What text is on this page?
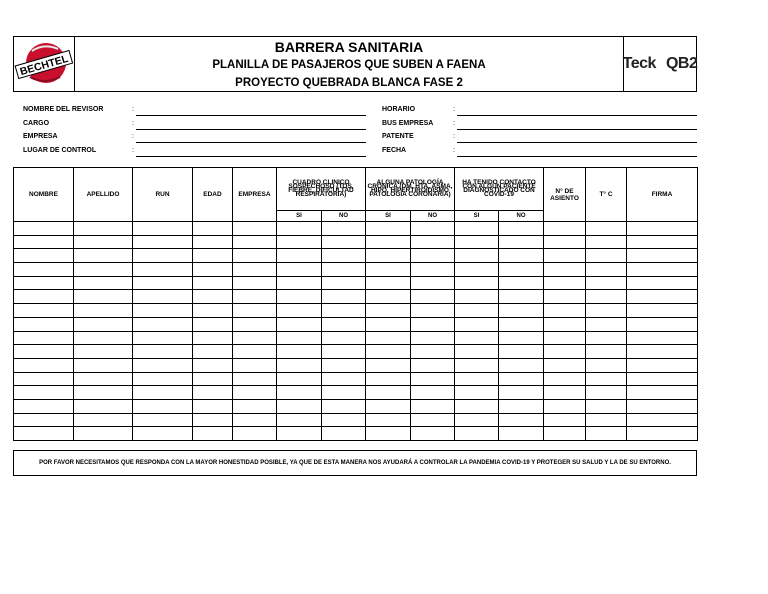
BECHTEL
BARRERA SANITARIA
PLANILLA DE PASAJEROS QUE SUBEN A FAENA
PROYECTO QUEBRADA BLANCA FASE 2
Teck QB2
NOMBRE DEL REVISOR	:
CARGO	:
EMPRESA	:
LUGAR DE CONTROL	:
HORARIO	:
BUS EMPRESA	:
PATENTE	:
FECHA	:
NOMBRE	APELLIDO	RUN	EDAD	EMPRESA	CUADRO CLINICO SOSPECHOSO (TOS, FIEBRE, DIFICULTAD RESPIRATORIA)		ALGUNA PATOLOGÍA CRÓNICA (DM, HTA, ASMA, HIPO, HIPERTIROIDISMO PATOLOGÍA CORONARIA)		HA TENIDO CONTACTO CON ALGUN PACIENTE DIAGNOSTICADO CON COVID-19		N° DE ASIENTO	T° C	FIRMA
					SI	NO	SI	NO	SI	NO			

POR FAVOR NECESITAMOS QUE RESPONDA CON LA MAYOR HONESTIDAD POSIBLE, YA QUE DE ESTA MANERA NOS AYUDARÁ A CONTROLAR LA PANDEMIA COVID-19 Y PROTEGER SU SALUD Y LA DE SU ENTORNO.
